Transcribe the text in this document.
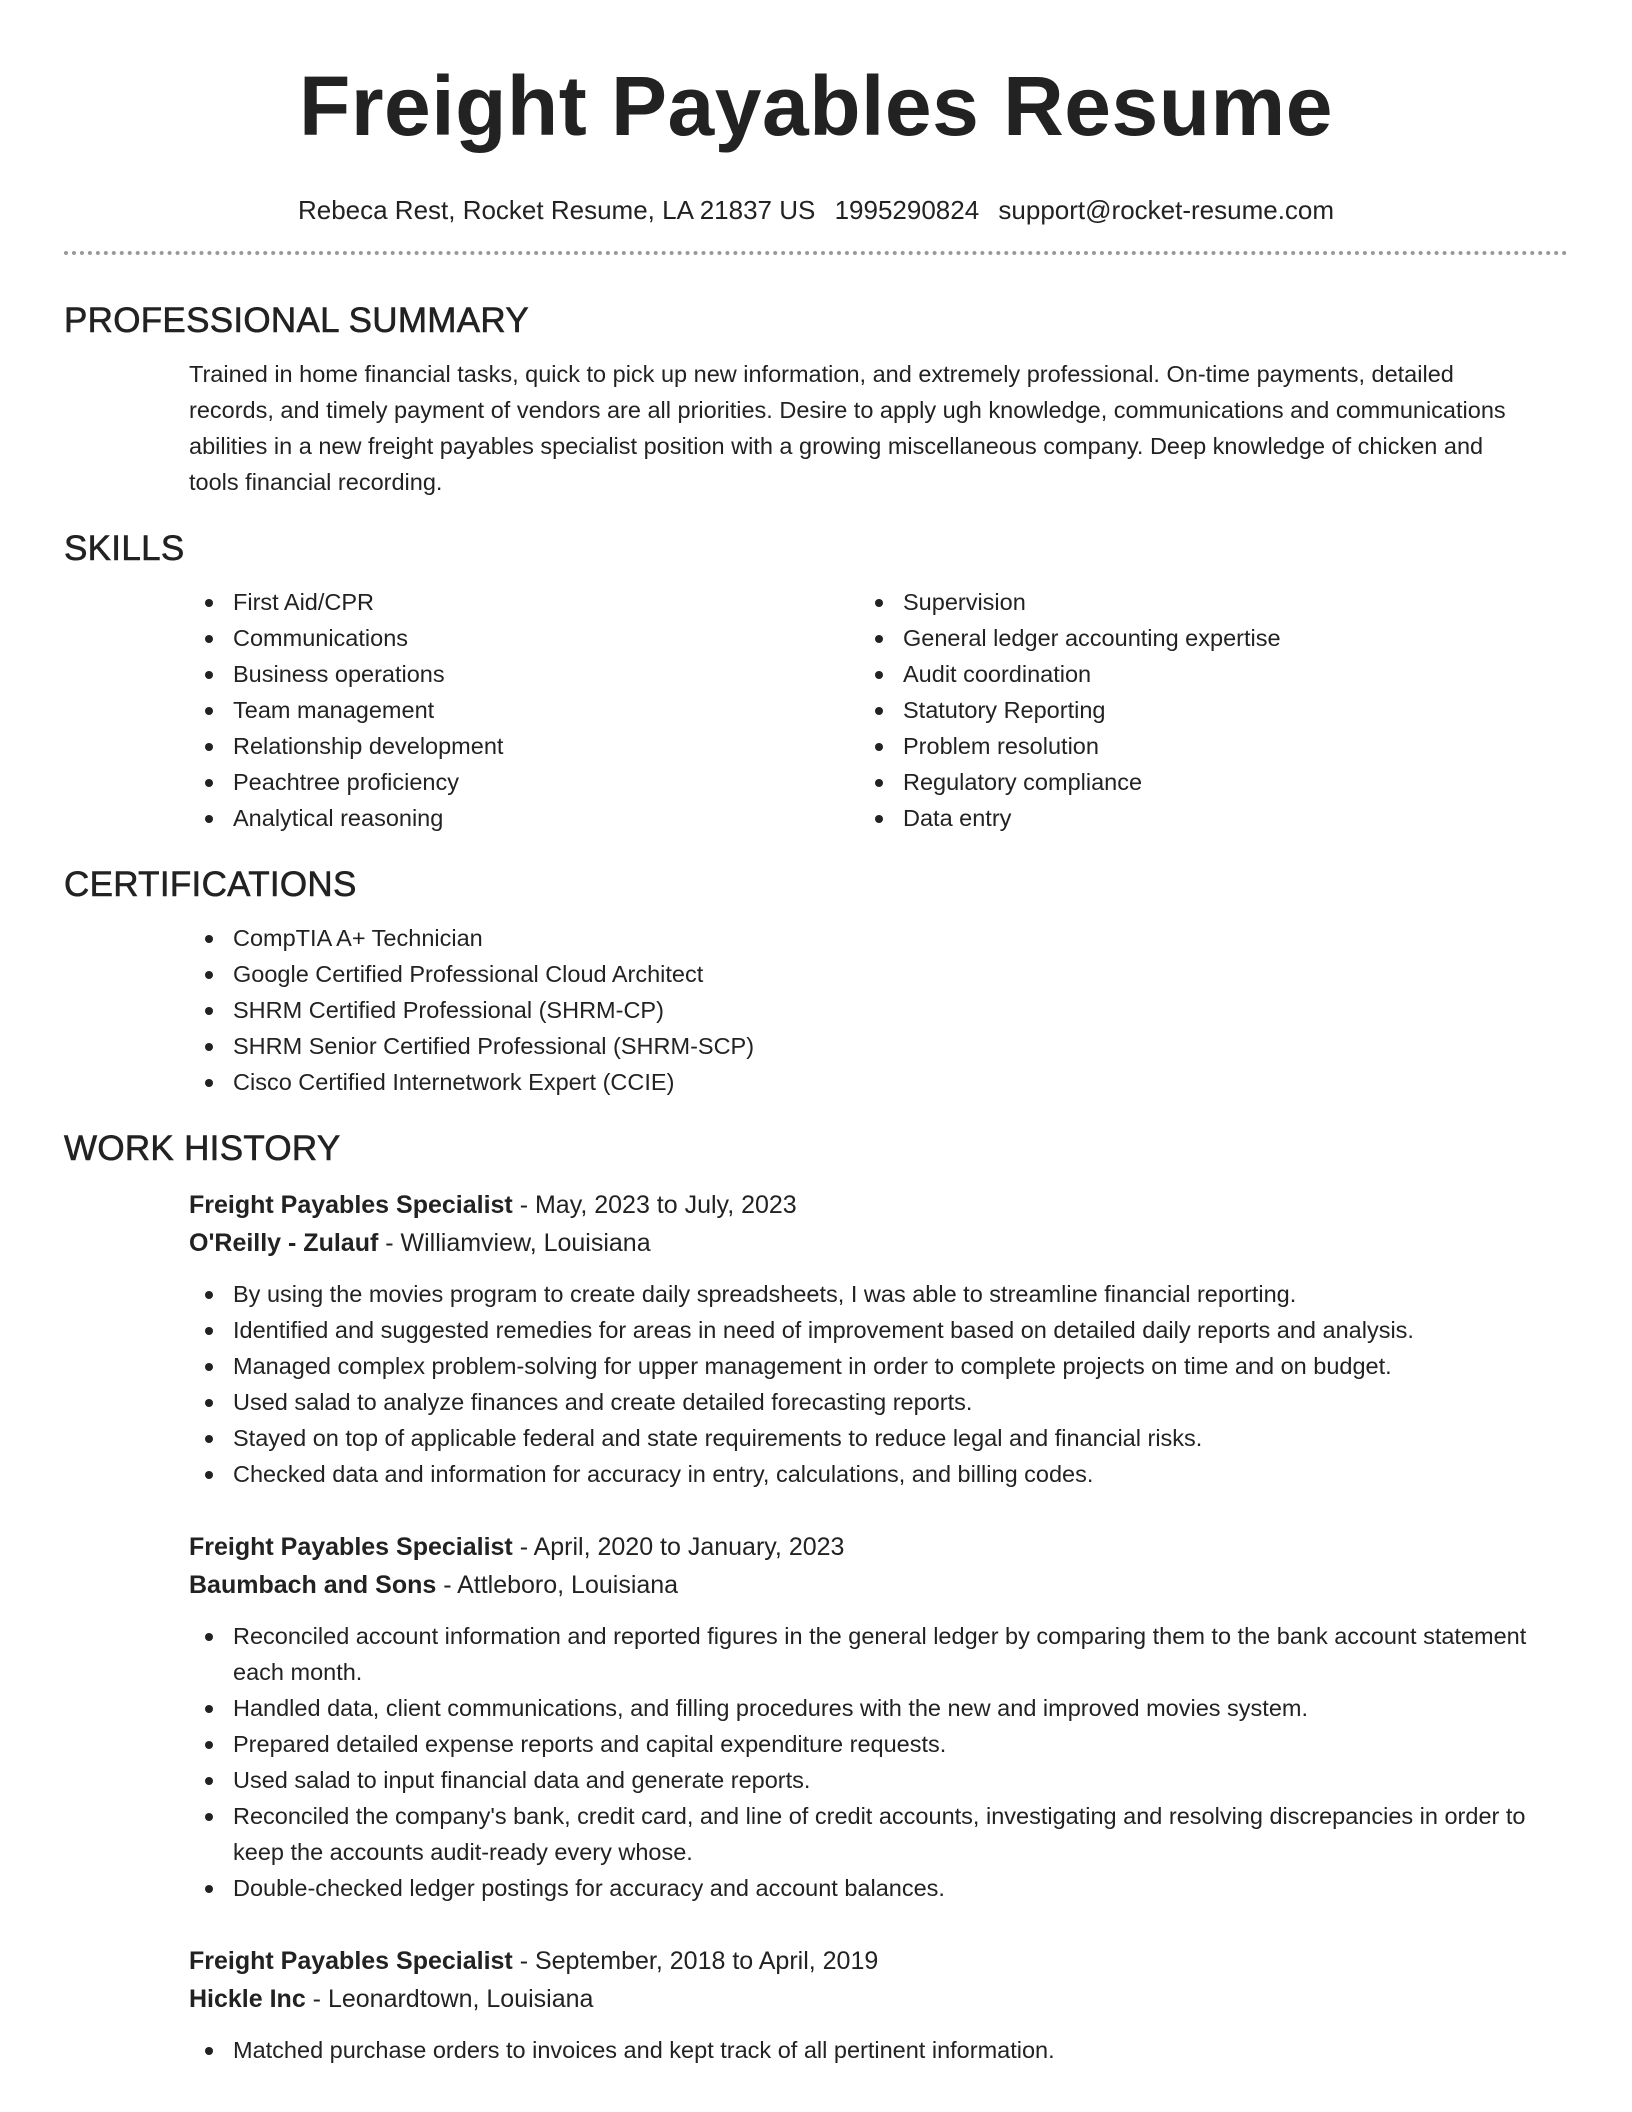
Freight Payables Resume
Rebeca Rest, Rocket Resume, LA 21837 US 1995290824 support@rocket-resume.com
PROFESSIONAL SUMMARY

Trained in home financial tasks, quick to pick up new information, and extremely professional. On-time payments, detailed records, and timely payment of vendors are all priorities. Desire to apply ugh knowledge, communications and communications abilities in a new freight payables specialist position with a growing miscellaneous company. Deep knowledge of chicken and tools financial recording.

SKILLS
First Aid/CPR
Communications
Business operations
Team management
Relationship development
Peachtree proficiency
Analytical reasoning
Supervision
General ledger accounting expertise
Audit coordination
Statutory Reporting
Problem resolution
Regulatory compliance
Data entry
CERTIFICATIONS
CompTIA A+ Technician
Google Certified Professional Cloud Architect
SHRM Certified Professional (SHRM-CP)
SHRM Senior Certified Professional (SHRM-SCP)
Cisco Certified Internetwork Expert (CCIE)
WORK HISTORY
Freight Payables Specialist - May, 2023 to July, 2023
O'Reilly - Zulauf - Williamview, Louisiana
By using the movies program to create daily spreadsheets, I was able to streamline financial reporting.
Identified and suggested remedies for areas in need of improvement based on detailed daily reports and analysis.
Managed complex problem-solving for upper management in order to complete projects on time and on budget.
Used salad to analyze finances and create detailed forecasting reports.
Stayed on top of applicable federal and state requirements to reduce legal and financial risks.
Checked data and information for accuracy in entry, calculations, and billing codes.
Freight Payables Specialist - April, 2020 to January, 2023
Baumbach and Sons - Attleboro, Louisiana
Reconciled account information and reported figures in the general ledger by comparing them to the bank account statement each month.
Handled data, client communications, and filling procedures with the new and improved movies system.
Prepared detailed expense reports and capital expenditure requests.
Used salad to input financial data and generate reports.
Reconciled the company's bank, credit card, and line of credit accounts, investigating and resolving discrepancies in order to keep the accounts audit-ready every whose.
Double-checked ledger postings for accuracy and account balances.
Freight Payables Specialist - September, 2018 to April, 2019
Hickle Inc - Leonardtown, Louisiana
Matched purchase orders to invoices and kept track of all pertinent information.
